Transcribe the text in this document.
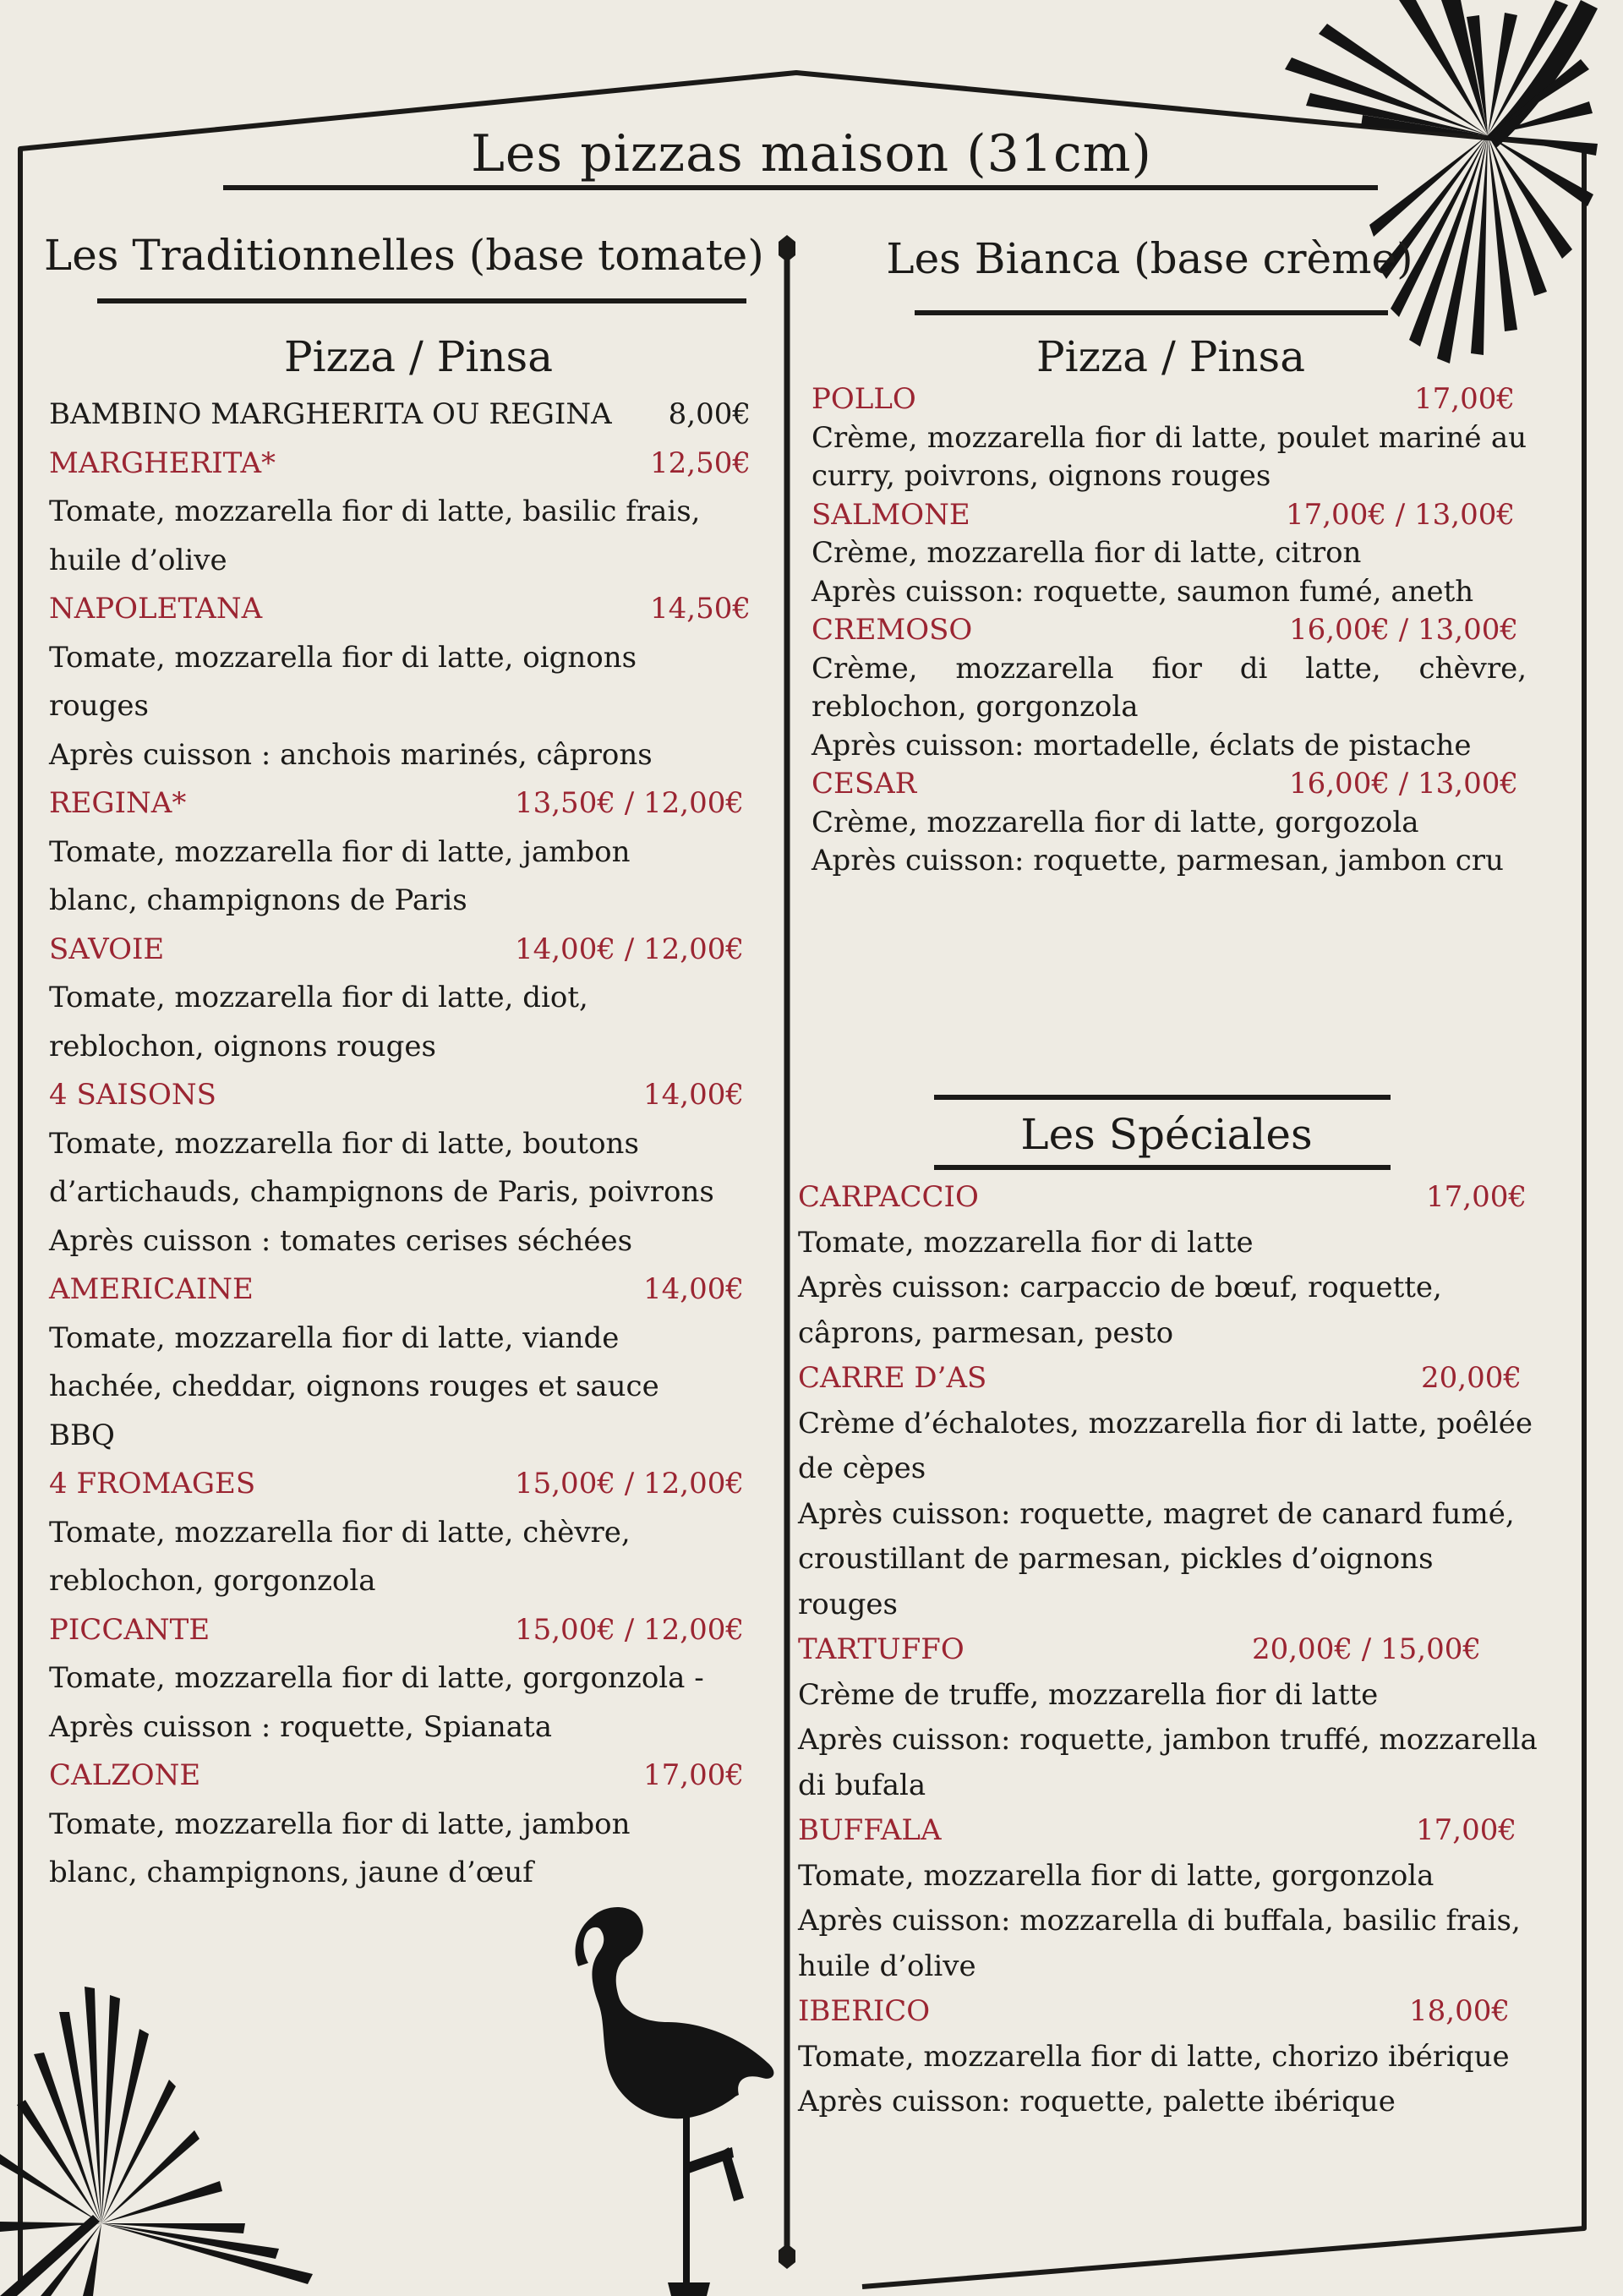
Les pizzas maison (31cm)
Les Traditionnelles (base tomate)
Pizza / Pinsa
Les Bianca (base crème)
Pizza / Pinsa
BAMBINO MARGHERITA OU REGINA 8,00€
MARGHERITA*	12,50€
Tomate, mozzarella fior di latte, basilic frais,
huile d’olive
NAPOLETANA	14,50€
Tomate, mozzarella fior di latte, oignons
rouges
Après cuisson : anchois marinés, câprons
REGINA*	13,50€ / 12,00€
Tomate, mozzarella fior di latte, jambon
blanc, champignons de Paris
SAVOIE	14,00€ / 12,00€
Tomate, mozzarella fior di latte, diot,
reblochon, oignons rouges
4 SAISONS	14,00€
Tomate, mozzarella fior di latte, boutons
d’artichauds, champignons de Paris, poivrons
Après cuisson : tomates cerises séchées
AMERICAINE	14,00€
Tomate, mozzarella fior di latte, viande
hachée, cheddar, oignons rouges et sauce
BBQ
4 FROMAGES	15,00€ / 12,00€
Tomate, mozzarella fior di latte, chèvre,
reblochon, gorgonzola
PICCANTE	15,00€ / 12,00€
Tomate, mozzarella fior di latte, gorgonzola -
Après cuisson : roquette, Spianata
CALZONE	17,00€
Tomate, mozzarella fior di latte, jambon
blanc, champignons, jaune d’œuf
POLLO	17,00€
Crème, mozzarella fior di latte, poulet mariné au curry, poivrons, oignons rouges
SALMONE	17,00€ / 13,00€
Crème, mozzarella fior di latte, citron
Après cuisson: roquette, saumon fumé, aneth
CREMOSO	16,00€ / 13,00€
Crème, mozzarella fior di latte, chèvre, reblochon, gorgonzola
Après cuisson: mortadelle, éclats de pistache
CESAR	16,00€ / 13,00€
Crème, mozzarella fior di latte, gorgozola
Après cuisson: roquette, parmesan, jambon cru
Les Spéciales
CARPACCIO	17,00€
Tomate, mozzarella fior di latte
Après cuisson: carpaccio de bœuf, roquette,
câprons, parmesan, pesto
CARRE D’AS	20,00€
Crème d’échalotes, mozzarella fior di latte, poêlée
de cèpes
Après cuisson: roquette, magret de canard fumé,
croustillant de parmesan, pickles d’oignons
rouges
TARTUFFO	20,00€ / 15,00€
Crème de truffe, mozzarella fior di latte
Après cuisson: roquette, jambon truffé, mozzarella
di bufala
BUFFALA	17,00€
Tomate, mozzarella fior di latte, gorgonzola
Après cuisson: mozzarella di buffala, basilic frais,
huile d’olive
IBERICO	18,00€
Tomate, mozzarella fior di latte, chorizo ibérique
Après cuisson: roquette, palette ibérique
